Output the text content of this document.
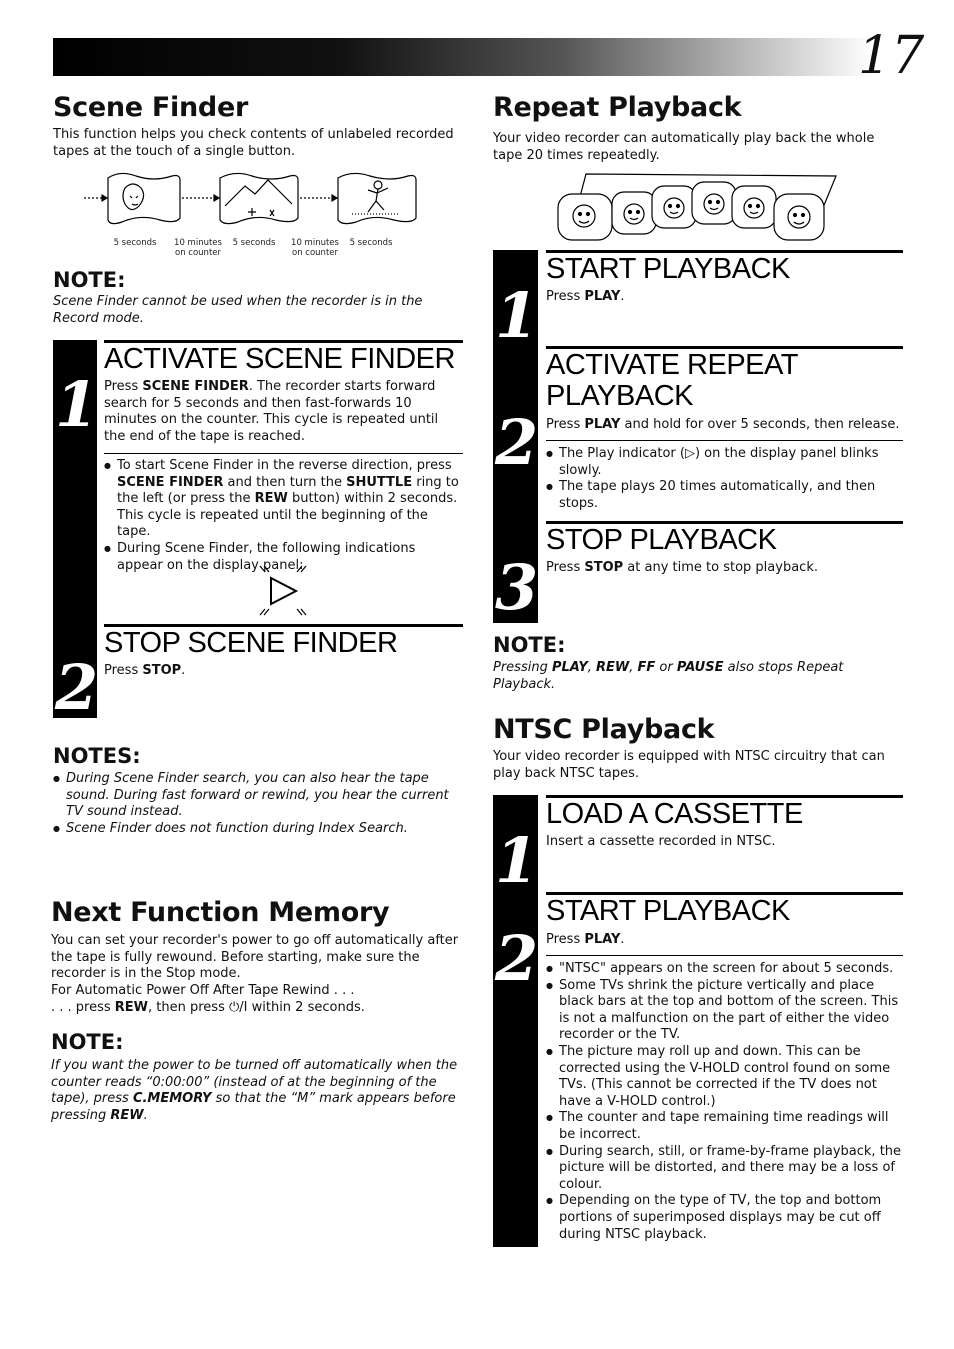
17
Scene Finder
This function helps you check contents of unlabeled recorded tapes at the touch of a single button.
5 seconds	10 minutes on counter
5 seconds	10 minutes on counter
5 seconds
NOTE:
Scene Finder cannot be used when the recorder is in the Record mode.
1
2
ACTIVATE SCENE FINDER
Press SCENE FINDER. The recorder starts forward search for 5 seconds and then fast-forwards 10 minutes on the counter. This cycle is repeated until the end of the tape is reached.
● To start Scene Finder in the reverse direction, press SCENE FINDER and then turn the SHUTTLE ring to the left (or press the REW button) within 2 seconds. This cycle is repeated until the beginning of the tape.
● During Scene Finder, the following indications appear on the display panel:
STOP SCENE FINDER
Press STOP.
NOTES:
● During Scene Finder search, you can also hear the tape sound. During fast forward or rewind, you hear the current TV sound instead.
● Scene Finder does not function during Index Search.
Next Function Memory
You can set your recorder's power to go off automatically after the tape is fully rewound. Before starting, make sure the recorder is in the Stop mode.
For Automatic Power Off After Tape Rewind . . .
. . . press REW, then press ⏻/I within 2 seconds.
NOTE:
If you want the power to be turned off automatically when the counter reads “0:00:00” (instead of at the beginning of the tape), press C.MEMORY so that the “M” mark appears before pressing REW.
Repeat Playback
Your video recorder can automatically play back the whole tape 20 times repeatedly.
1
2
3
START PLAYBACK
Press PLAY.
ACTIVATE REPEAT
PLAYBACK
Press PLAY and hold for over 5 seconds, then release.
● The Play indicator (▷) on the display panel blinks slowly.
● The tape plays 20 times automatically, and then stops.
STOP PLAYBACK
Press STOP at any time to stop playback.
NOTE:
Pressing PLAY, REW, FF or PAUSE also stops Repeat Playback.
NTSC Playback
Your video recorder is equipped with NTSC circuitry that can play back NTSC tapes.
1
2
LOAD A CASSETTE
Insert a cassette recorded in NTSC.
START PLAYBACK
Press PLAY.
● "NTSC" appears on the screen for about 5 seconds.
● Some TVs shrink the picture vertically and place black bars at the top and bottom of the screen. This is not a malfunction on the part of either the video recorder or the TV.
● The picture may roll up and down. This can be corrected using the V-HOLD control found on some TVs. (This cannot be corrected if the TV does not have a V-HOLD control.)
● The counter and tape remaining time readings will be incorrect.
● During search, still, or frame-by-frame playback, the picture will be distorted, and there may be a loss of colour.
● Depending on the type of TV, the top and bottom portions of superimposed displays may be cut off during NTSC playback.
